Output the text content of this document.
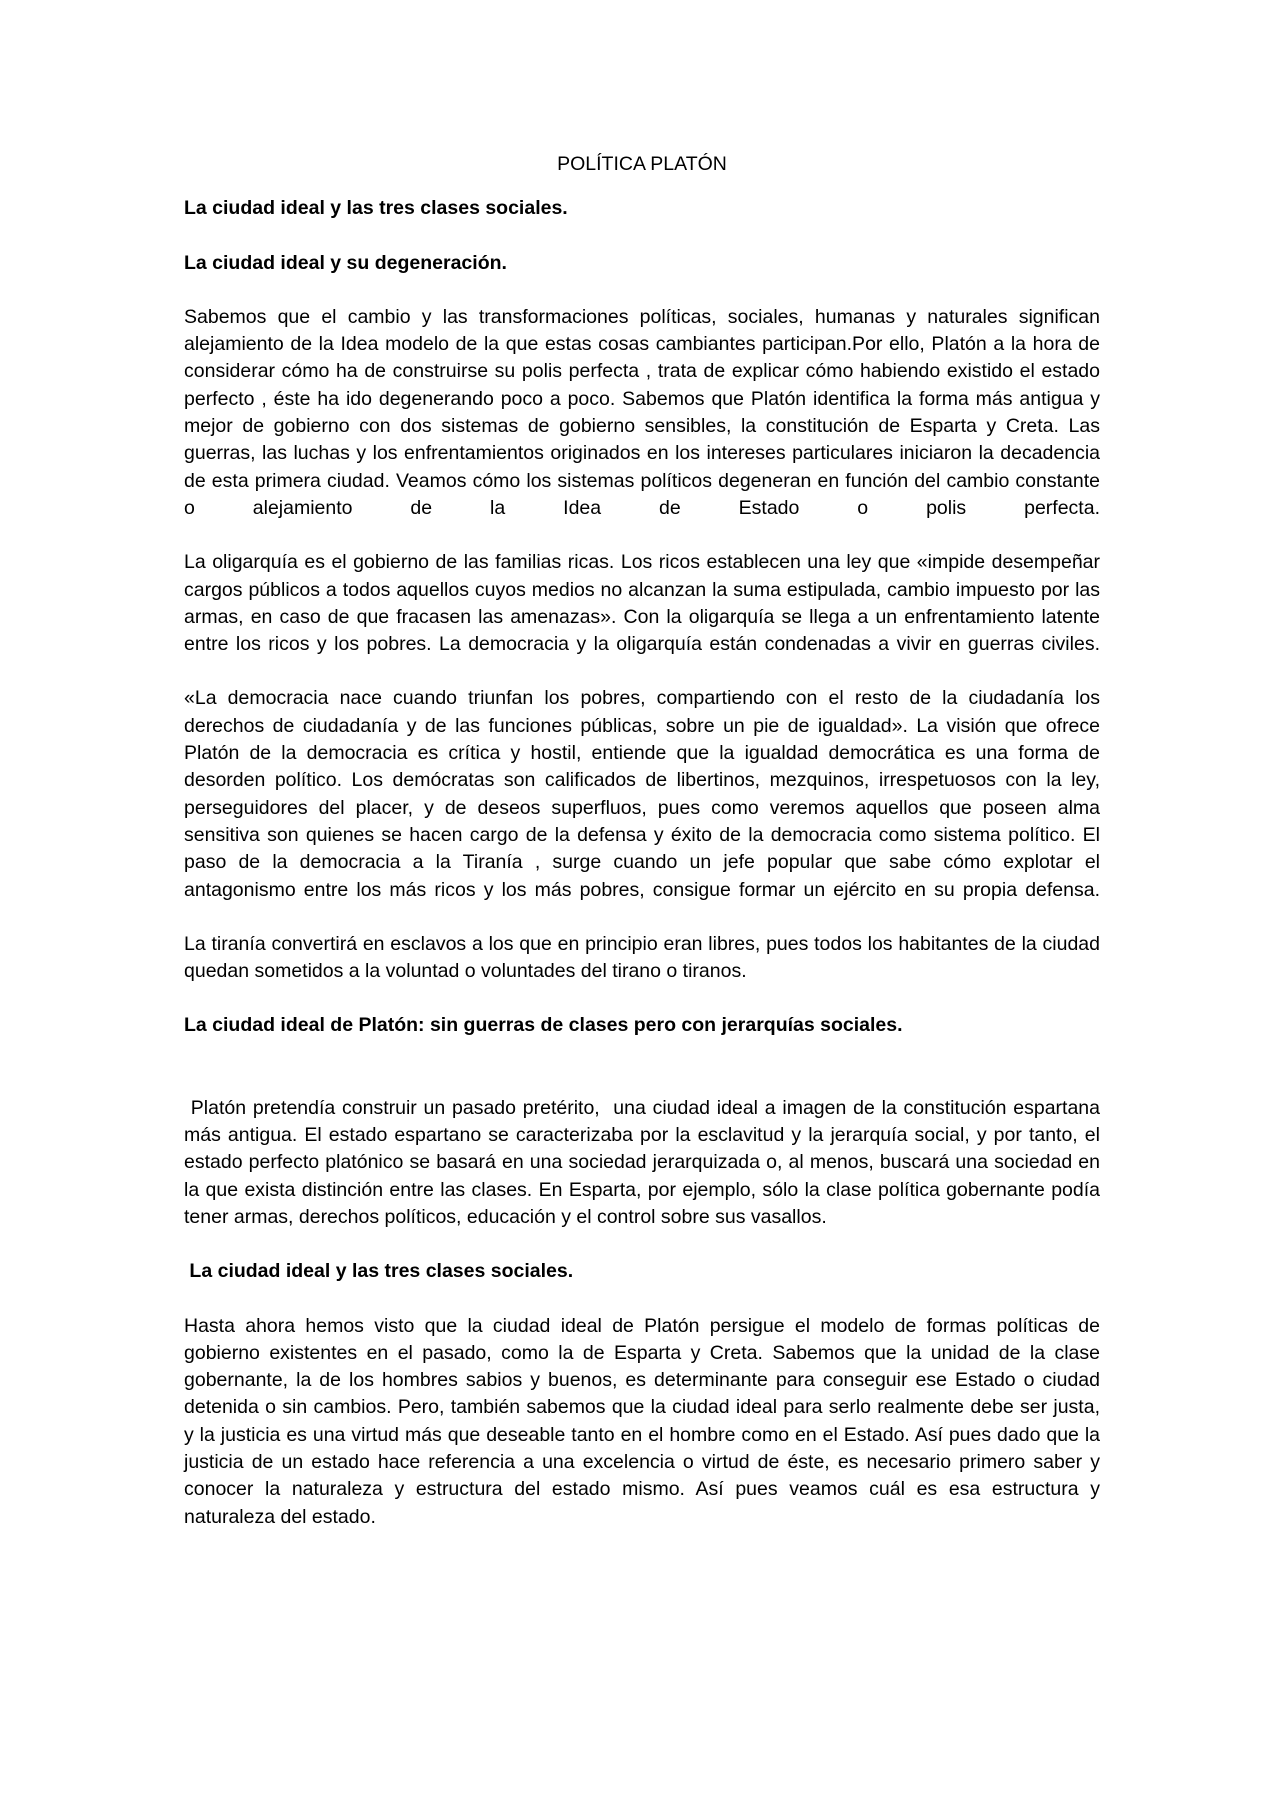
POLÍTICA PLATÓN
La ciudad ideal y las tres clases sociales.
La ciudad ideal y su degeneración.

Sabemos que el cambio y las transformaciones políticas, sociales, humanas y naturales significan alejamiento de la Idea modelo de la que estas cosas cambiantes participan.Por ello, Platón a la hora de considerar cómo ha de construirse su polis perfecta , trata de explicar cómo habiendo existido el estado perfecto , éste ha ido degenerando poco a poco. Sabemos que Platón identifica la forma más antigua y mejor de gobierno con dos sistemas de gobierno sensibles, la constitución de Esparta y Creta. Las guerras, las luchas y los enfrentamientos originados en los intereses particulares iniciaron la decadencia de esta primera ciudad. Veamos cómo los sistemas políticos degeneran en función del cambio constante o alejamiento de la Idea de Estado o polis perfecta.

La oligarquía es el gobierno de las familias ricas. Los ricos establecen una ley que «impide desempeñar cargos públicos a todos aquellos cuyos medios no alcanzan la suma estipulada, cambio impuesto por las armas, en caso de que fracasen las amenazas». Con la oligarquía se llega a un enfrentamiento latente entre los ricos y los pobres. La democracia y la oligarquía están condenadas a vivir en guerras civiles.

«La democracia nace cuando triunfan los pobres, compartiendo con el resto de la ciudadanía los derechos de ciudadanía y de las funciones públicas, sobre un pie de igualdad». La visión que ofrece Platón de la democracia es crítica y hostil, entiende que la igualdad democrática es una forma de desorden político. Los demócratas son calificados de libertinos, mezquinos, irrespetuosos con la ley, perseguidores del placer, y de deseos superfluos, pues como veremos aquellos que poseen alma sensitiva son quienes se hacen cargo de la defensa y éxito de la democracia como sistema político. El paso de la democracia a la Tiranía , surge cuando un jefe popular que sabe cómo explotar el antagonismo entre los más ricos y los más pobres, consigue formar un ejército en su propia defensa.

La tiranía convertirá en esclavos a los que en principio eran libres, pues todos los habitantes de la ciudad quedan sometidos a la voluntad o voluntades del tirano o tiranos.

La ciudad ideal de Platón: sin guerras de clases pero con jerarquías sociales.

Platón pretendía construir un pasado pretérito,  una ciudad ideal a imagen de la constitución espartana más antigua. El estado espartano se caracterizaba por la esclavitud y la jerarquía social, y por tanto, el estado perfecto platónico se basará en una sociedad jerarquizada o, al menos, buscará una sociedad en la que exista distinción entre las clases. En Esparta, por ejemplo, sólo la clase política gobernante podía tener armas, derechos políticos, educación y el control sobre sus vasallos.

La ciudad ideal y las tres clases sociales.

Hasta ahora hemos visto que la ciudad ideal de Platón persigue el modelo de formas políticas de gobierno existentes en el pasado, como la de Esparta y Creta. Sabemos que la unidad de la clase gobernante, la de los hombres sabios y buenos, es determinante para conseguir ese Estado o ciudad detenida o sin cambios. Pero, también sabemos que la ciudad ideal para serlo realmente debe ser justa, y la justicia es una virtud más que deseable tanto en el hombre como en el Estado. Así pues dado que la justicia de un estado hace referencia a una excelencia o virtud de éste, es necesario primero saber y conocer la naturaleza y estructura del estado mismo. Así pues veamos cuál es esa estructura y naturaleza del estado.
